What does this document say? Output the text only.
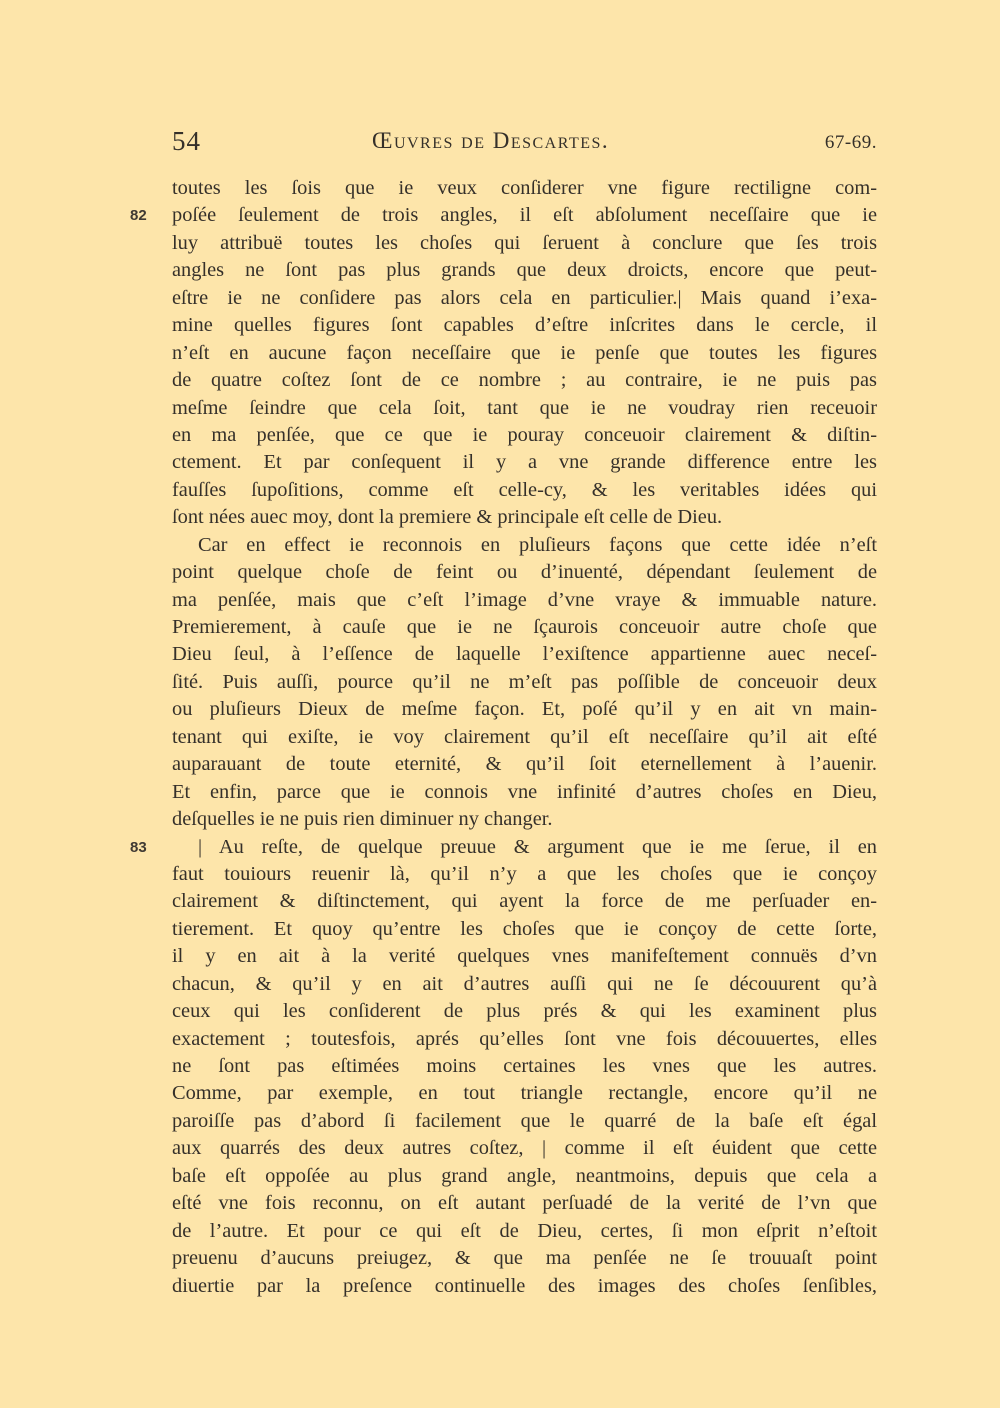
54	Œuvres de Descartes.	67-69.
toutes les ſois que ie veux conſiderer vne figure rectiligne com-
82 poſée ſeulement de trois angles, il eſt abſolument neceſſaire que ie
luy attribuë toutes les choſes qui ſeruent à conclure que ſes trois
angles ne ſont pas plus grands que deux droicts, encore que peut-
eſtre ie ne conſidere pas alors cela en particulier.| Mais quand i’exa-
mine quelles figures ſont capables d’eſtre inſcrites dans le cercle, il
n’eſt en aucune façon neceſſaire que ie penſe que toutes les figures
de quatre coſtez ſont de ce nombre ; au contraire, ie ne puis pas
meſme ſeindre que cela ſoit, tant que ie ne voudray rien receuoir
en ma penſée, que ce que ie pouray conceuoir clairement & diſtin-
ctement. Et par conſequent il y a vne grande difference entre les
fauſſes ſupoſitions, comme eſt celle-cy, & les veritables idées qui
ſont nées auec moy, dont la premiere & principale eſt celle de Dieu.
Car en effect ie reconnois en pluſieurs façons que cette idée n’eſt
point quelque choſe de feint ou d’inuenté, dépendant ſeulement de
ma penſée, mais que c’eſt l’image d’vne vraye & immuable nature.
Premierement, à cauſe que ie ne ſçaurois conceuoir autre choſe que
Dieu ſeul, à l’eſſence de laquelle l’exiſtence appartienne auec neceſ-
ſité. Puis auſſi, pource qu’il ne m’eſt pas poſſible de conceuoir deux
ou pluſieurs Dieux de meſme façon. Et, poſé qu’il y en ait vn main-
tenant qui exiſte, ie voy clairement qu’il eſt neceſſaire qu’il ait eſté
auparauant de toute eternité, & qu’il ſoit eternellement à l’auenir.
Et enfin, parce que ie connois vne infinité d’autres choſes en Dieu,
deſquelles ie ne puis rien diminuer ny changer.
83	| Au reſte, de quelque preuue & argument que ie me ſerue, il en
faut touiours reuenir là, qu’il n’y a que les choſes que ie conçoy
clairement & diſtinctement, qui ayent la force de me perſuader en-
tierement. Et quoy qu’entre les choſes que ie conçoy de cette ſorte,
il y en ait à la verité quelques vnes manifeſtement connuës d’vn
chacun, & qu’il y en ait d’autres auſſi qui ne ſe découurent qu’à
ceux qui les conſiderent de plus prés & qui les examinent plus
exactement ; toutesfois, aprés qu’elles ſont vne fois découuertes, elles
ne ſont pas eſtimées moins certaines les vnes que les autres.
Comme, par exemple, en tout triangle rectangle, encore qu’il ne
paroiſſe pas d’abord ſi facilement que le quarré de la baſe eſt égal
aux quarrés des deux autres coſtez, | comme il eſt éuident que cette
baſe eſt oppoſée au plus grand angle, neantmoins, depuis que cela a
eſté vne fois reconnu, on eſt autant perſuadé de la verité de l’vn que
de l’autre. Et pour ce qui eſt de Dieu, certes, ſi mon eſprit n’eſtoit
preuenu d’aucuns preiugez, & que ma penſée ne ſe trouuaſt point
diuertie par la preſence continuelle des images des choſes ſenſibles,
